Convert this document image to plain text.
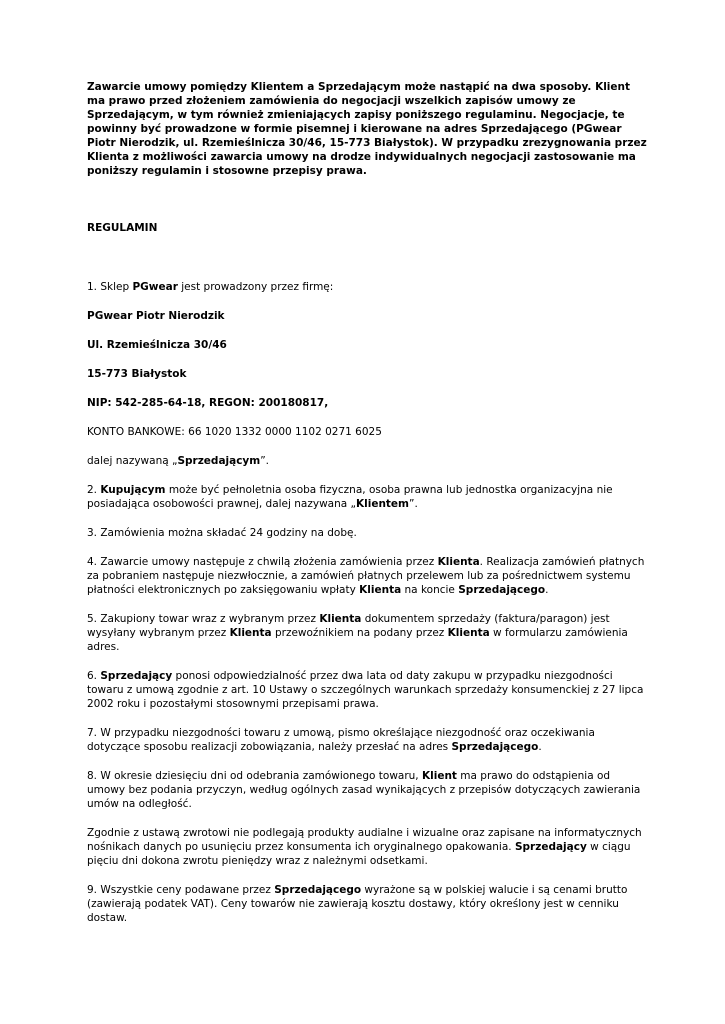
Zawarcie umowy pomiędzy Klientem a Sprzedającym może nastąpić na dwa sposoby. Klient ma prawo przed złożeniem zamówienia do negocjacji wszelkich zapisów umowy ze Sprzedającym, w tym również zmieniających zapisy poniższego regulaminu. Negocjacje, te powinny być prowadzone w formie pisemnej i kierowane na adres Sprzedającego (PGwear Piotr Nierodzik, ul. Rzemieślnicza 30/46, 15-773 Białystok). W przypadku zrezygnowania przez Klienta z możliwości zawarcia umowy na drodze indywidualnych negocjacji zastosowanie ma poniższy regulamin i stosowne przepisy prawa.

REGULAMIN

1. Sklep PGwear jest prowadzony przez firmę:

PGwear Piotr Nierodzik

Ul. Rzemieślnicza 30/46

15-773 Białystok

NIP: 542-285-64-18, REGON: 200180817,

KONTO BANKOWE: 66 1020 1332 0000 1102 0271 6025

dalej nazywaną „Sprzedającym”.

2. Kupującym może być pełnoletnia osoba fizyczna, osoba prawna lub jednostka organizacyjna nie posiadająca osobowości prawnej, dalej nazywana „Klientem”.

3. Zamówienia można składać 24 godziny na dobę.

4. Zawarcie umowy następuje z chwilą złożenia zamówienia przez Klienta. Realizacja zamówień płatnych za pobraniem następuje niezwłocznie, a zamówień płatnych przelewem lub za pośrednictwem systemu płatności elektronicznych po zaksięgowaniu wpłaty Klienta na koncie Sprzedającego.

5. Zakupiony towar wraz z wybranym przez Klienta dokumentem sprzedaży (faktura/paragon) jest wysyłany wybranym przez Klienta przewoźnikiem na podany przez Klienta w formularzu zamówienia adres.

6. Sprzedający ponosi odpowiedzialność przez dwa lata od daty zakupu w przypadku niezgodności towaru z umową zgodnie z art. 10 Ustawy o szczególnych warunkach sprzedaży konsumenckiej z 27 lipca 2002 roku i pozostałymi stosownymi przepisami prawa.

7. W przypadku niezgodności towaru z umową, pismo określające niezgodność oraz oczekiwania dotyczące sposobu realizacji zobowiązania, należy przesłać na adres Sprzedającego.

8. W okresie dziesięciu dni od odebrania zamówionego towaru, Klient ma prawo do odstąpienia od umowy bez podania przyczyn, według ogólnych zasad wynikających z przepisów dotyczących zawierania umów na odległość.

Zgodnie z ustawą zwrotowi nie podlegają produkty audialne i wizualne oraz zapisane na informatycznych nośnikach danych po usunięciu przez konsumenta ich oryginalnego opakowania. Sprzedający w ciągu pięciu dni dokona zwrotu pieniędzy wraz z należnymi odsetkami.

9. Wszystkie ceny podawane przez Sprzedającego wyrażone są w polskiej walucie i są cenami brutto (zawierają podatek VAT). Ceny towarów nie zawierają kosztu dostawy, który określony jest w cenniku dostaw.
